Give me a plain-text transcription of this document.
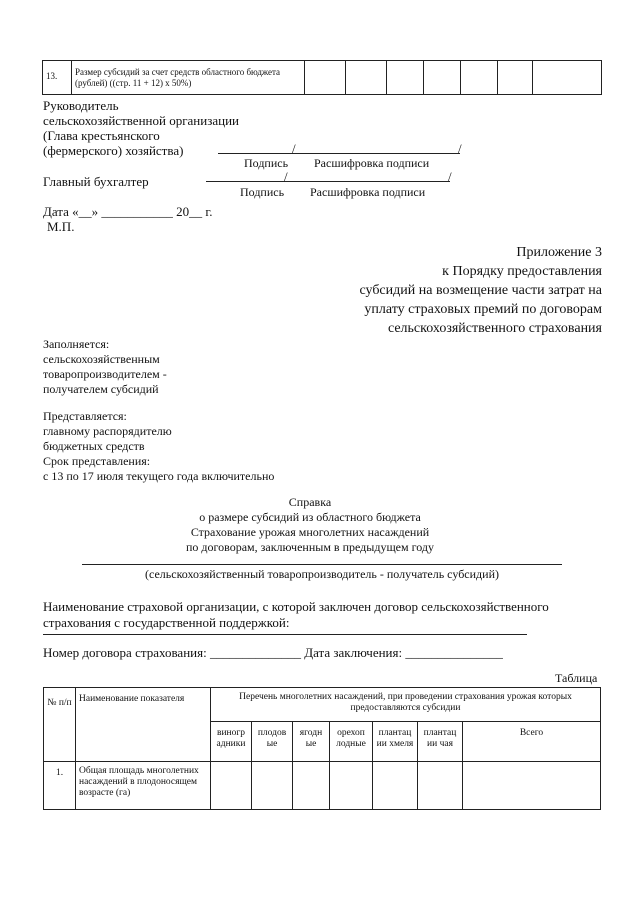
13.	Размер субсидий за счет средств областного бюджета (рублей) ((стр. 11 + 12) х 50%)							
Руководитель
сельскохозяйственной организации
(Глава крестьянского
(фермерского) хозяйства)	/	/
Подпись Расшифровка подписи
Главный бухгалтер	/	/
Подпись Расшифровка подписи
Дата «__» ___________ 20__ г.
М.П.
Приложение 3
к Порядку предоставления
субсидий на возмещение части затрат на
уплату страховых премий по договорам
сельскохозяйственного страхования
Заполняется:
сельскохозяйственным
товаропроизводителем -
получателем субсидий
Представляется:
главному распорядителю
бюджетных средств
Срок представления:
с 13 по 17 июля текущего года включительно
Справка
о размере субсидий из областного бюджета
Страхование урожая многолетних насаждений
по договорам, заключенным в предыдущем году
(сельскохозяйственный товаропроизводитель - получатель субсидий)
Наименование страховой организации, с которой заключен договор сельскохозяйственного
страхования с государственной поддержкой:
Номер договора страхования: ______________ Дата заключения: _______________
Таблица
№ п/п	Наименование показателя	Перечень многолетних насаждений, при проведении страхования урожая которых предоставляются субсидии						
		виногр адники	плодов ые	ягодн ые	орехоп лодные	плантац ии хмеля	плантац ии чая	Всего
1.	Общая площадь многолетних насаждений в плодоносящем возрасте (га)							
